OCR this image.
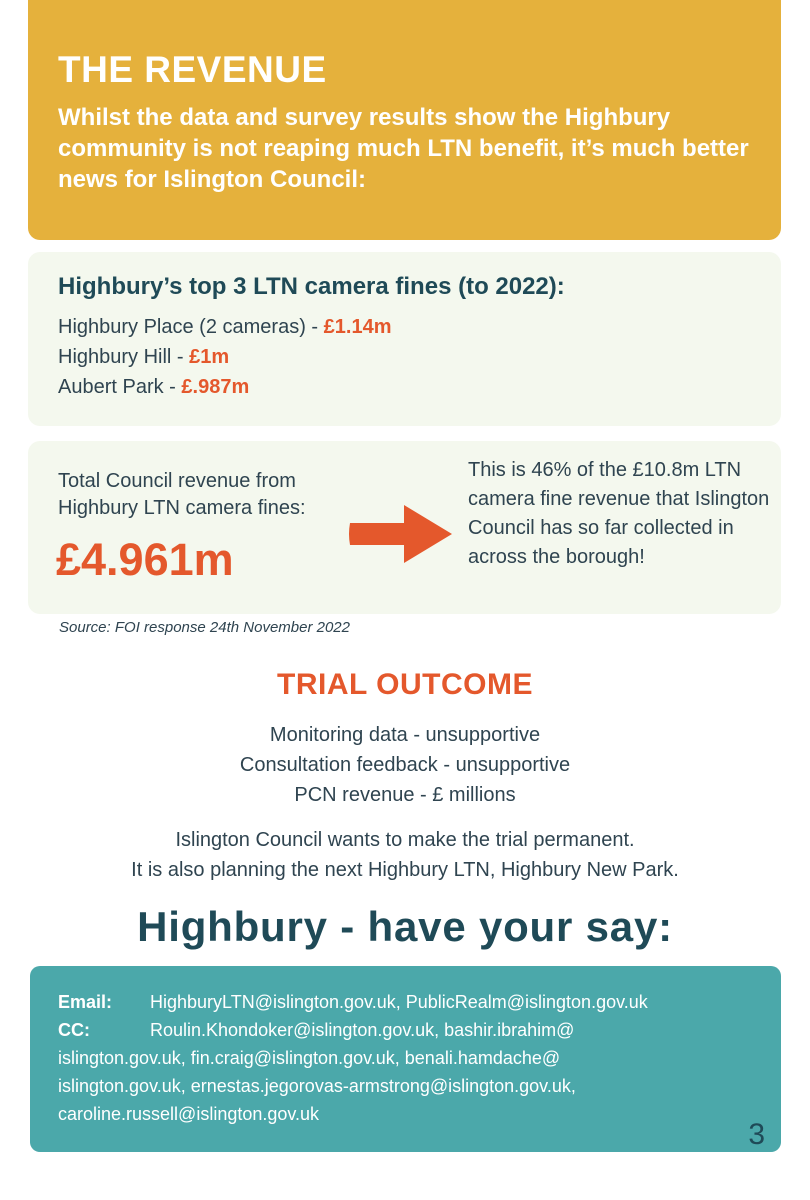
THE REVENUE

Whilst the data and survey results show the Highbury community is not reaping much LTN benefit, it’s much better news for Islington Council:

Highbury’s top 3 LTN camera fines (to 2022):
Highbury Place (2 cameras) - £1.14m
Highbury Hill - £1m
Aubert Park - £.987m

Total Council revenue from Highbury LTN camera fines:

£4.961m

This is 46% of the £10.8m LTN camera fine revenue that Islington Council has so far collected in across the borough!

Source: FOI response 24th November 2022

TRIAL OUTCOME
Monitoring data - unsupportive
Consultation feedback - unsupportive
PCN revenue - £ millions
Islington Council wants to make the trial permanent.
It is also planning the next Highbury LTN, Highbury New Park.
Highbury - have your say:
Email: HighburyLTN@islington.gov.uk, PublicRealm@islington.gov.uk
CC:	Roulin.Khondoker@islington.gov.uk, bashir.ibrahim@
islington.gov.uk, fin.craig@islington.gov.uk, benali.hamdache@
islington.gov.uk, ernestas.jegorovas-armstrong@islington.gov.uk,
caroline.russell@islington.gov.uk
3
